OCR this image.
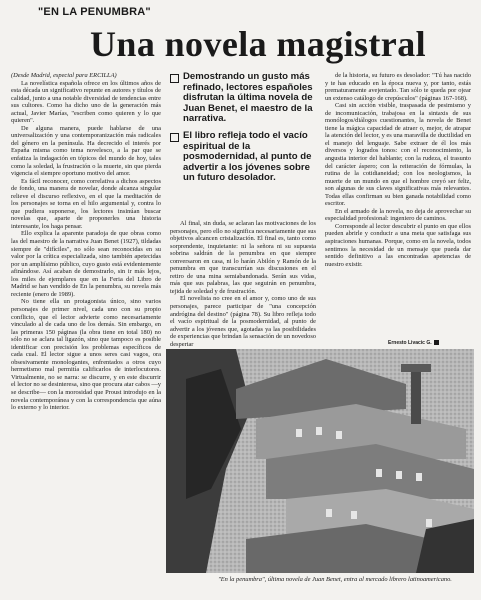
"EN LA PENUMBRA"
Una novela magistral

(Desde Madrid, especial para ERCILLA)

La novelística española ofrece en los últimos años de esta década un significativo repunte en autores y títulos de calidad, junto a una notable diversidad de tendencias entre sus cultores. Como ha dicho uno de la generación más actual, Javier Marías, "escriben como quieren y lo que quieren".

De alguna manera, puede hablarse de una universalización y una contemporanización más radicales del género en la península. Ha decrecido el interés por España misma como tema novelesco, a la par que se enfatiza la indagación en tópicos del mundo de hoy, tales como la soledad, la frustración o la muerte, sin que pierda vigencia el siempre oportuno motivo del amor.

Es fácil reconocer, como correlativa a dichos aspectos de fondo, una manera de novelar, donde alcanza singular relieve el discurso reflexivo, en el que la meditación de los personajes se torna en el hilo argumental y, contra lo que pudiera suponerse, los lectores insinúan buscar novelas que, aparte de proponerles una historia interesante, los haga pensar.

Ello explica la aparente paradoja de que obras como las del maestro de la narrativa Juan Benet (1927), tildadas siempre de "difíciles", no sólo sean reconocidas en su valor por la crítica especializada, sino también apetecidas por un ampliísimo público, cuyo gusto está evidentemente afinándose. Así acaban de demostrarlo, sin ir más lejos, los miles de ejemplares que en la Feria del Libro de Madrid se han vendido de En la penumbra, su novela más reciente (enero de 1989).

No tiene ella un protagonista único, sino varios personajes de primer nivel, cada uno con su propio conflicto, que el lector advierte como necesariamente vinculado al de cada uno de los demás. Sin embargo, en las primeras 150 páginas (la obra tiene en total 180) no sólo no se aclara tal ligazón, sino que tampoco es posible identificar con precisión los problemas específicos de cada cual. El lector sigue a unos seres casi vagos, ora obsesivamente monologantes, enfrentados a otros cuyo hermetismo mal permitía calificarlos de interlocutores. Virtualmente, no se narra: se discurre, y en este discurrir el lector no se desinteresa, sino que procura atar cabos —y se describe— con la morosidad que Proust introdujo en la novela contemporánea y con la correspondencia que aúna lo externo y lo interior.

Demostrando un gusto más refinado, lectores españoles disfrutan la última novela de Juan Benet, el maestro de la narrativa.
El libro refleja todo el vacío espiritual de la posmodernidad, al punto de advertir a los jóvenes sobre un futuro desolador.

Al final, sin duda, se aclaran las motivaciones de los personajes, pero ello no significa necesariamente que sus objetivos alcancen cristalización. El final es, tanto como sorprendente, inquietante: ni la señora ni su supuesta sobrina saldrán de la penumbra en que siempre conversaron en casa, ni lo harán Abilón y Ramón de la penumbra en que transcurrían sus discusiones en el retiro de una mina semiabandonada. Serán sus vidas, más que sus palabras, las que seguirán en penumbra, tejida de soledad y de frustración.

El novelista no cree en el amor y, como uno de sus personajes, parece participar de "una concepción andrógina del destino" (página 78). Su libro refleja todo el vacío espiritual de la posmodernidad, al punto de advertir a los jóvenes que, agotadas ya las posibilidades de experiencias que brindan la sensación de un novedoso despertar

de la historia, su futuro es desolador: "Tú has nacido y te has educado en la época nueva y, por tanto, estás prematuramente avejentado. Tan sólo te queda por ojear un extenso catálogo de crepúsculos" (páginas 167-168).

Casi sin acción visible, traspasada de pesimismo y de incomunicación, trabajosa en la sintaxis de sus monólogos/diálogos cuestionantes, la novela de Benet tiene la mágica capacidad de atraer o, mejor, de atrapar la atención del lector, y es una maravilla de ductilidad en el manejo del lenguaje. Sabe extraer de él los más diversos y logrados tonos: con el reconocimiento, la angustia interior del hablante; con la rudeza, el trasunto del carácter áspero; con la reiteración de fórmulas, la rutina de la cotidianeidad; con los neologismos, la muerte de un mundo en que el hombre creyó ser feliz, son algunas de sus claves significativas más relevantes. Todas ellas confirman su bien ganada notabilidad como escritor.

En el armado de la novela, no deja de aprovechar su especialidad profesional: ingeniero de caminos.

Corresponde al lector descubrir el punto en que ellos pueden abrirle y conducir a una meta que satisfaga sus aspiraciones humanas. Porque, como en la novela, todos sentimos la necesidad de un mensaje que pueda dar sentido definitivo a las encontradas apetencias de nuestro existir.

Ernesto Livacic G.
"En la penumbra", última novela de Juan Benet, entra al mercado librero latinoamericano.
